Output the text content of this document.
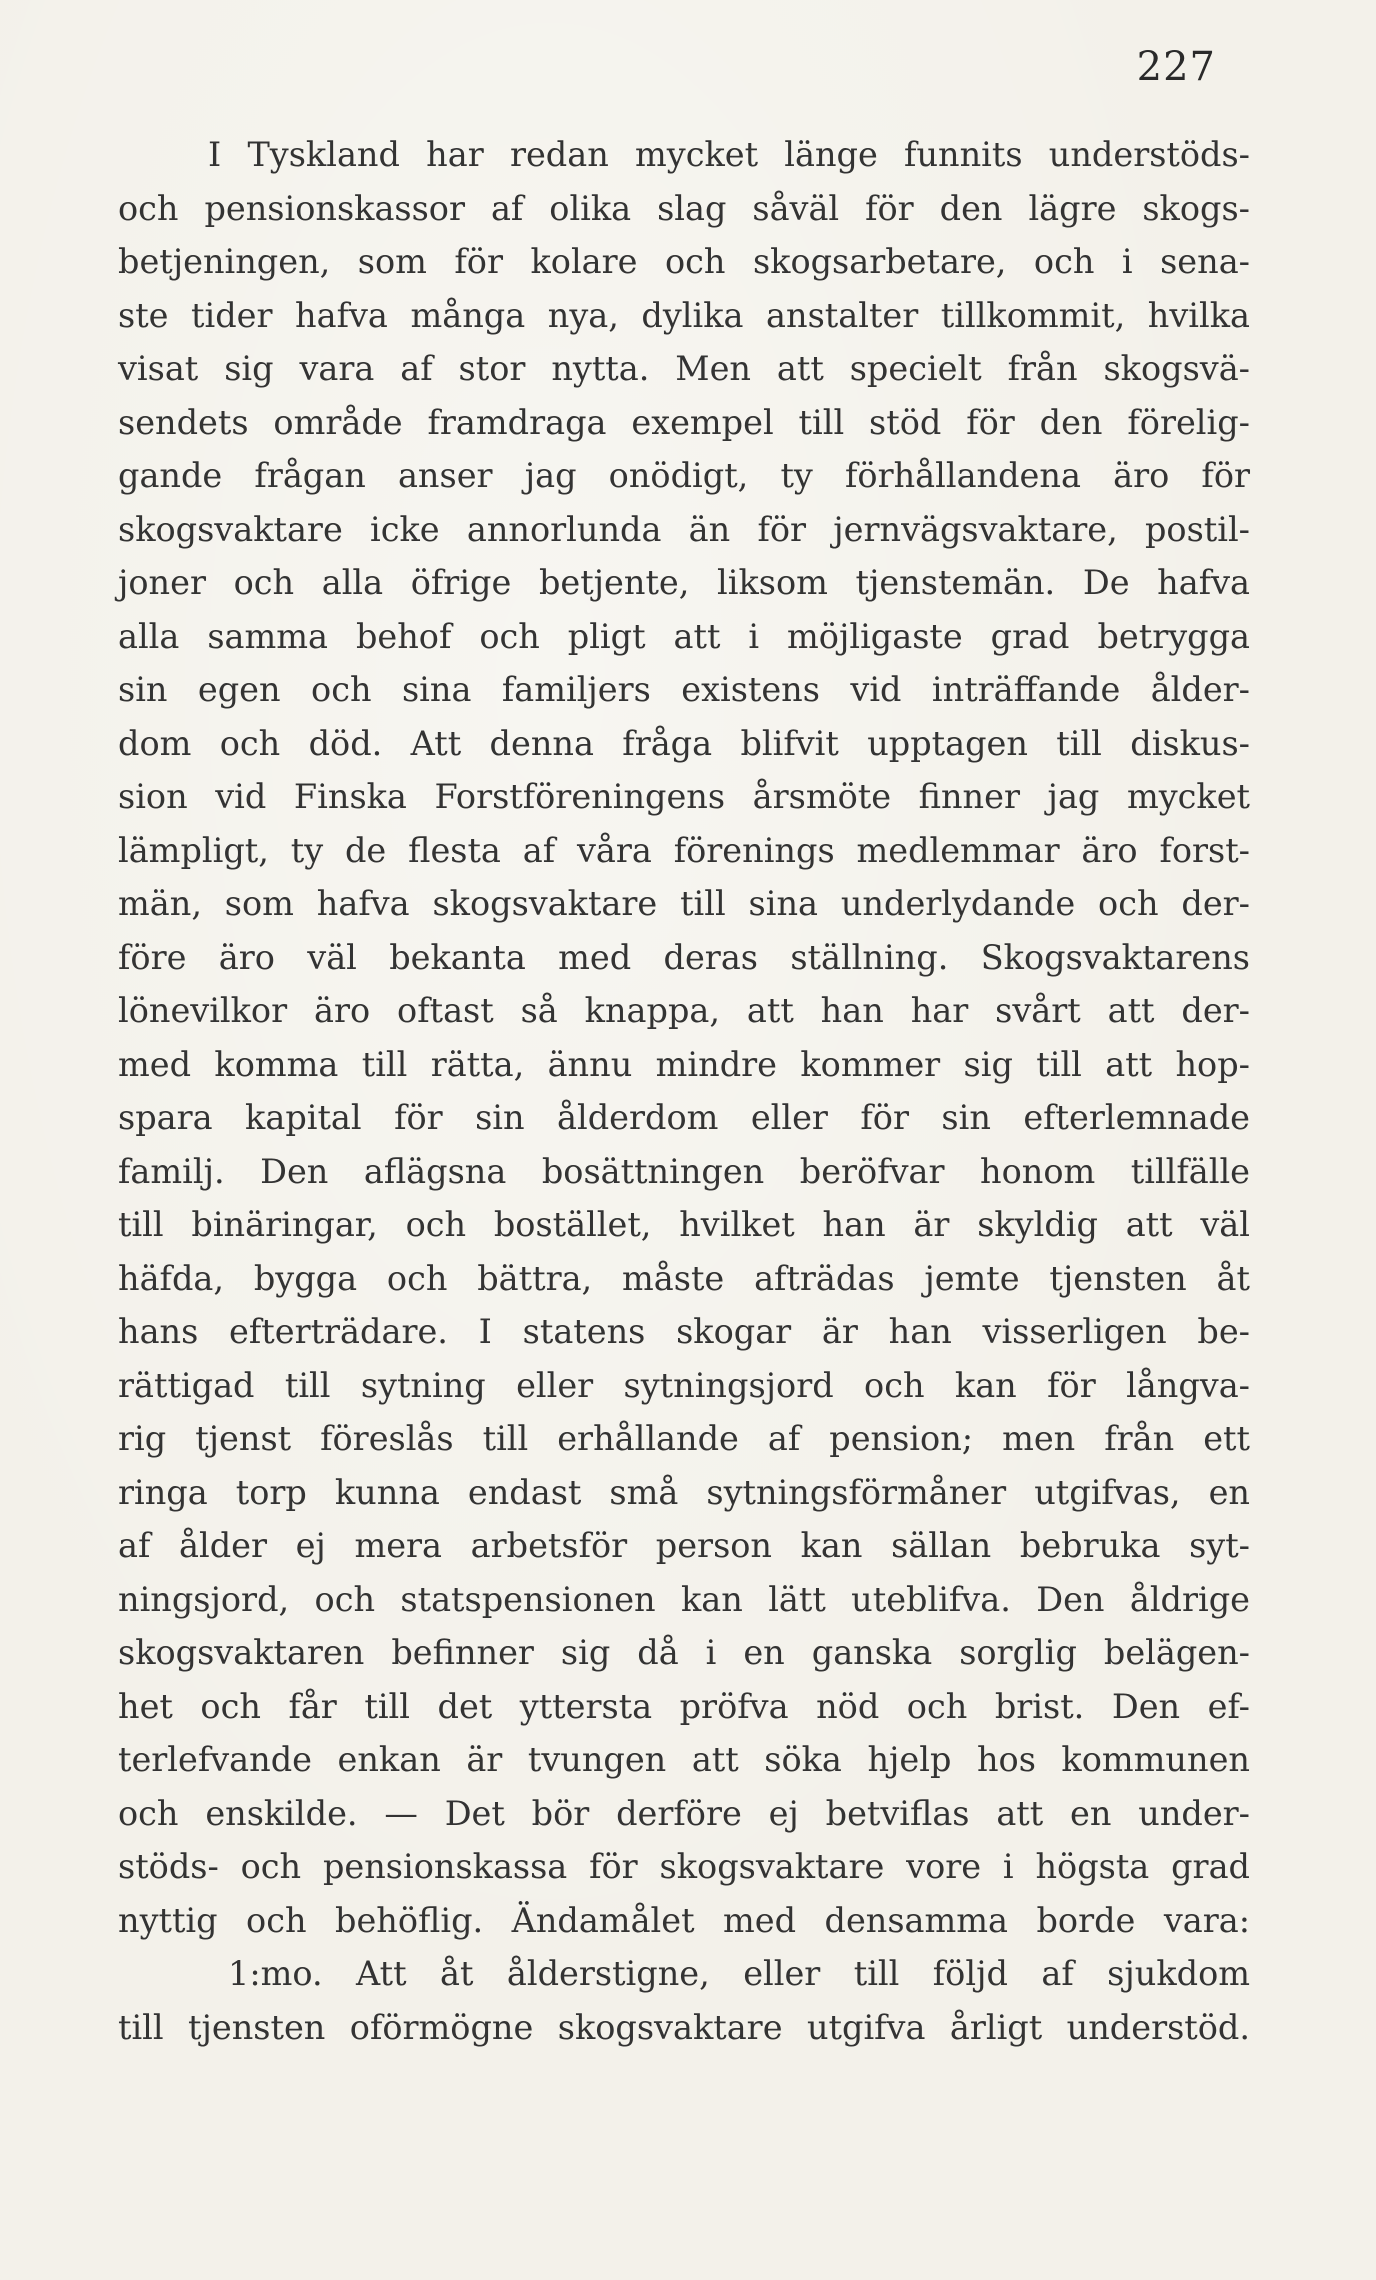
227
I Tyskland har redan mycket länge funnits understöds-
och pensionskassor af olika slag såväl för den lägre skogs-
betjeningen, som för kolare och skogsarbetare, och i sena-
ste tider hafva många nya, dylika anstalter tillkommit, hvilka
visat sig vara af stor nytta. Men att specielt från skogsvä-
sendets område framdraga exempel till stöd för den förelig-
gande frågan anser jag onödigt, ty förhållandena äro för
skogsvaktare icke annorlunda än för jernvägsvaktare, postil-
joner och alla öfrige betjente, liksom tjenstemän. De hafva
alla samma behof och pligt att i möjligaste grad betrygga
sin egen och sina familjers existens vid inträffande ålder-
dom och död. Att denna fråga blifvit upptagen till diskus-
sion vid Finska Forstföreningens årsmöte finner jag mycket
lämpligt, ty de flesta af våra förenings medlemmar äro forst-
män, som hafva skogsvaktare till sina underlydande och der-
före äro väl bekanta med deras ställning. Skogsvaktarens
lönevilkor äro oftast så knappa, att han har svårt att der-
med komma till rätta, ännu mindre kommer sig till att hop-
spara kapital för sin ålderdom eller för sin efterlemnade
familj. Den aflägsna bosättningen beröfvar honom tillfälle
till binäringar, och bostället, hvilket han är skyldig att väl
häfda, bygga och bättra, måste afträdas jemte tjensten åt
hans efterträdare. I statens skogar är han visserligen be-
rättigad till sytning eller sytningsjord och kan för långva-
rig tjenst föreslås till erhållande af pension; men från ett
ringa torp kunna endast små sytningsförmåner utgifvas, en
af ålder ej mera arbetsför person kan sällan bebruka syt-
ningsjord, och statspensionen kan lätt uteblifva. Den åldrige
skogsvaktaren befinner sig då i en ganska sorglig belägen-
het och får till det yttersta pröfva nöd och brist. Den ef-
terlefvande enkan är tvungen att söka hjelp hos kommunen
och enskilde. — Det bör derföre ej betviflas att en under-
stöds- och pensionskassa för skogsvaktare vore i högsta grad
nyttig och behöflig. Ändamålet med densamma borde vara:
1:mo. Att åt ålderstigne, eller till följd af sjukdom
till tjensten oförmögne skogsvaktare utgifva årligt understöd.
